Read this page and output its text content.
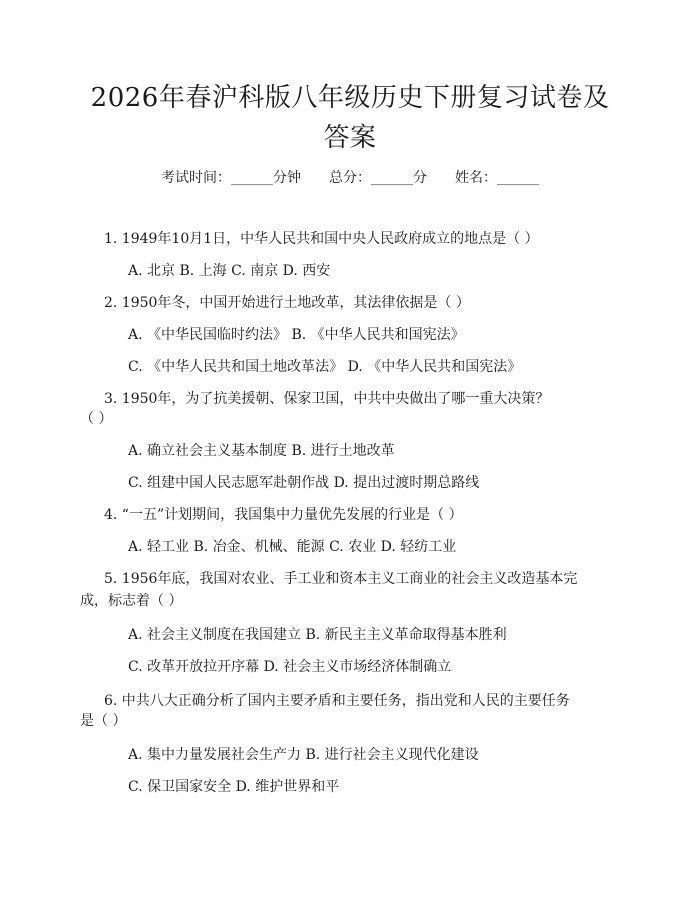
2026年春沪科版八年级历史下册复习试卷及答案
考试时间：______分钟 总分：______分 姓名：______
1. 1949年10月1日，中华人民共和国中央人民政府成立的地点是（ ）
A. 北京 B. 上海 C. 南京 D. 西安
2. 1950年冬，中国开始进行土地改革，其法律依据是（ ）
A. 《中华民国临时约法》 B. 《中华人民共和国宪法》
C. 《中华人民共和国土地改革法》 D. 《中华人民共和国宪法》
3. 1950年，为了抗美援朝、保家卫国，中共中央做出了哪一重大决策？
（ ）
A. 确立社会主义基本制度 B. 进行土地改革
C. 组建中国人民志愿军赴朝作战 D. 提出过渡时期总路线
4. “一五”计划期间，我国集中力量优先发展的行业是（ ）
A. 轻工业 B. 冶金、机械、能源 C. 农业 D. 轻纺工业
5. 1956年底，我国对农业、手工业和资本主义工商业的社会主义改造基本完
成，标志着（ ）
A. 社会主义制度在我国建立 B. 新民主主义革命取得基本胜利
C. 改革开放拉开序幕 D. 社会主义市场经济体制确立
6. 中共八大正确分析了国内主要矛盾和主要任务，指出党和人民的主要任务
是（ ）
A. 集中力量发展社会生产力 B. 进行社会主义现代化建设
C. 保卫国家安全 D. 维护世界和平
